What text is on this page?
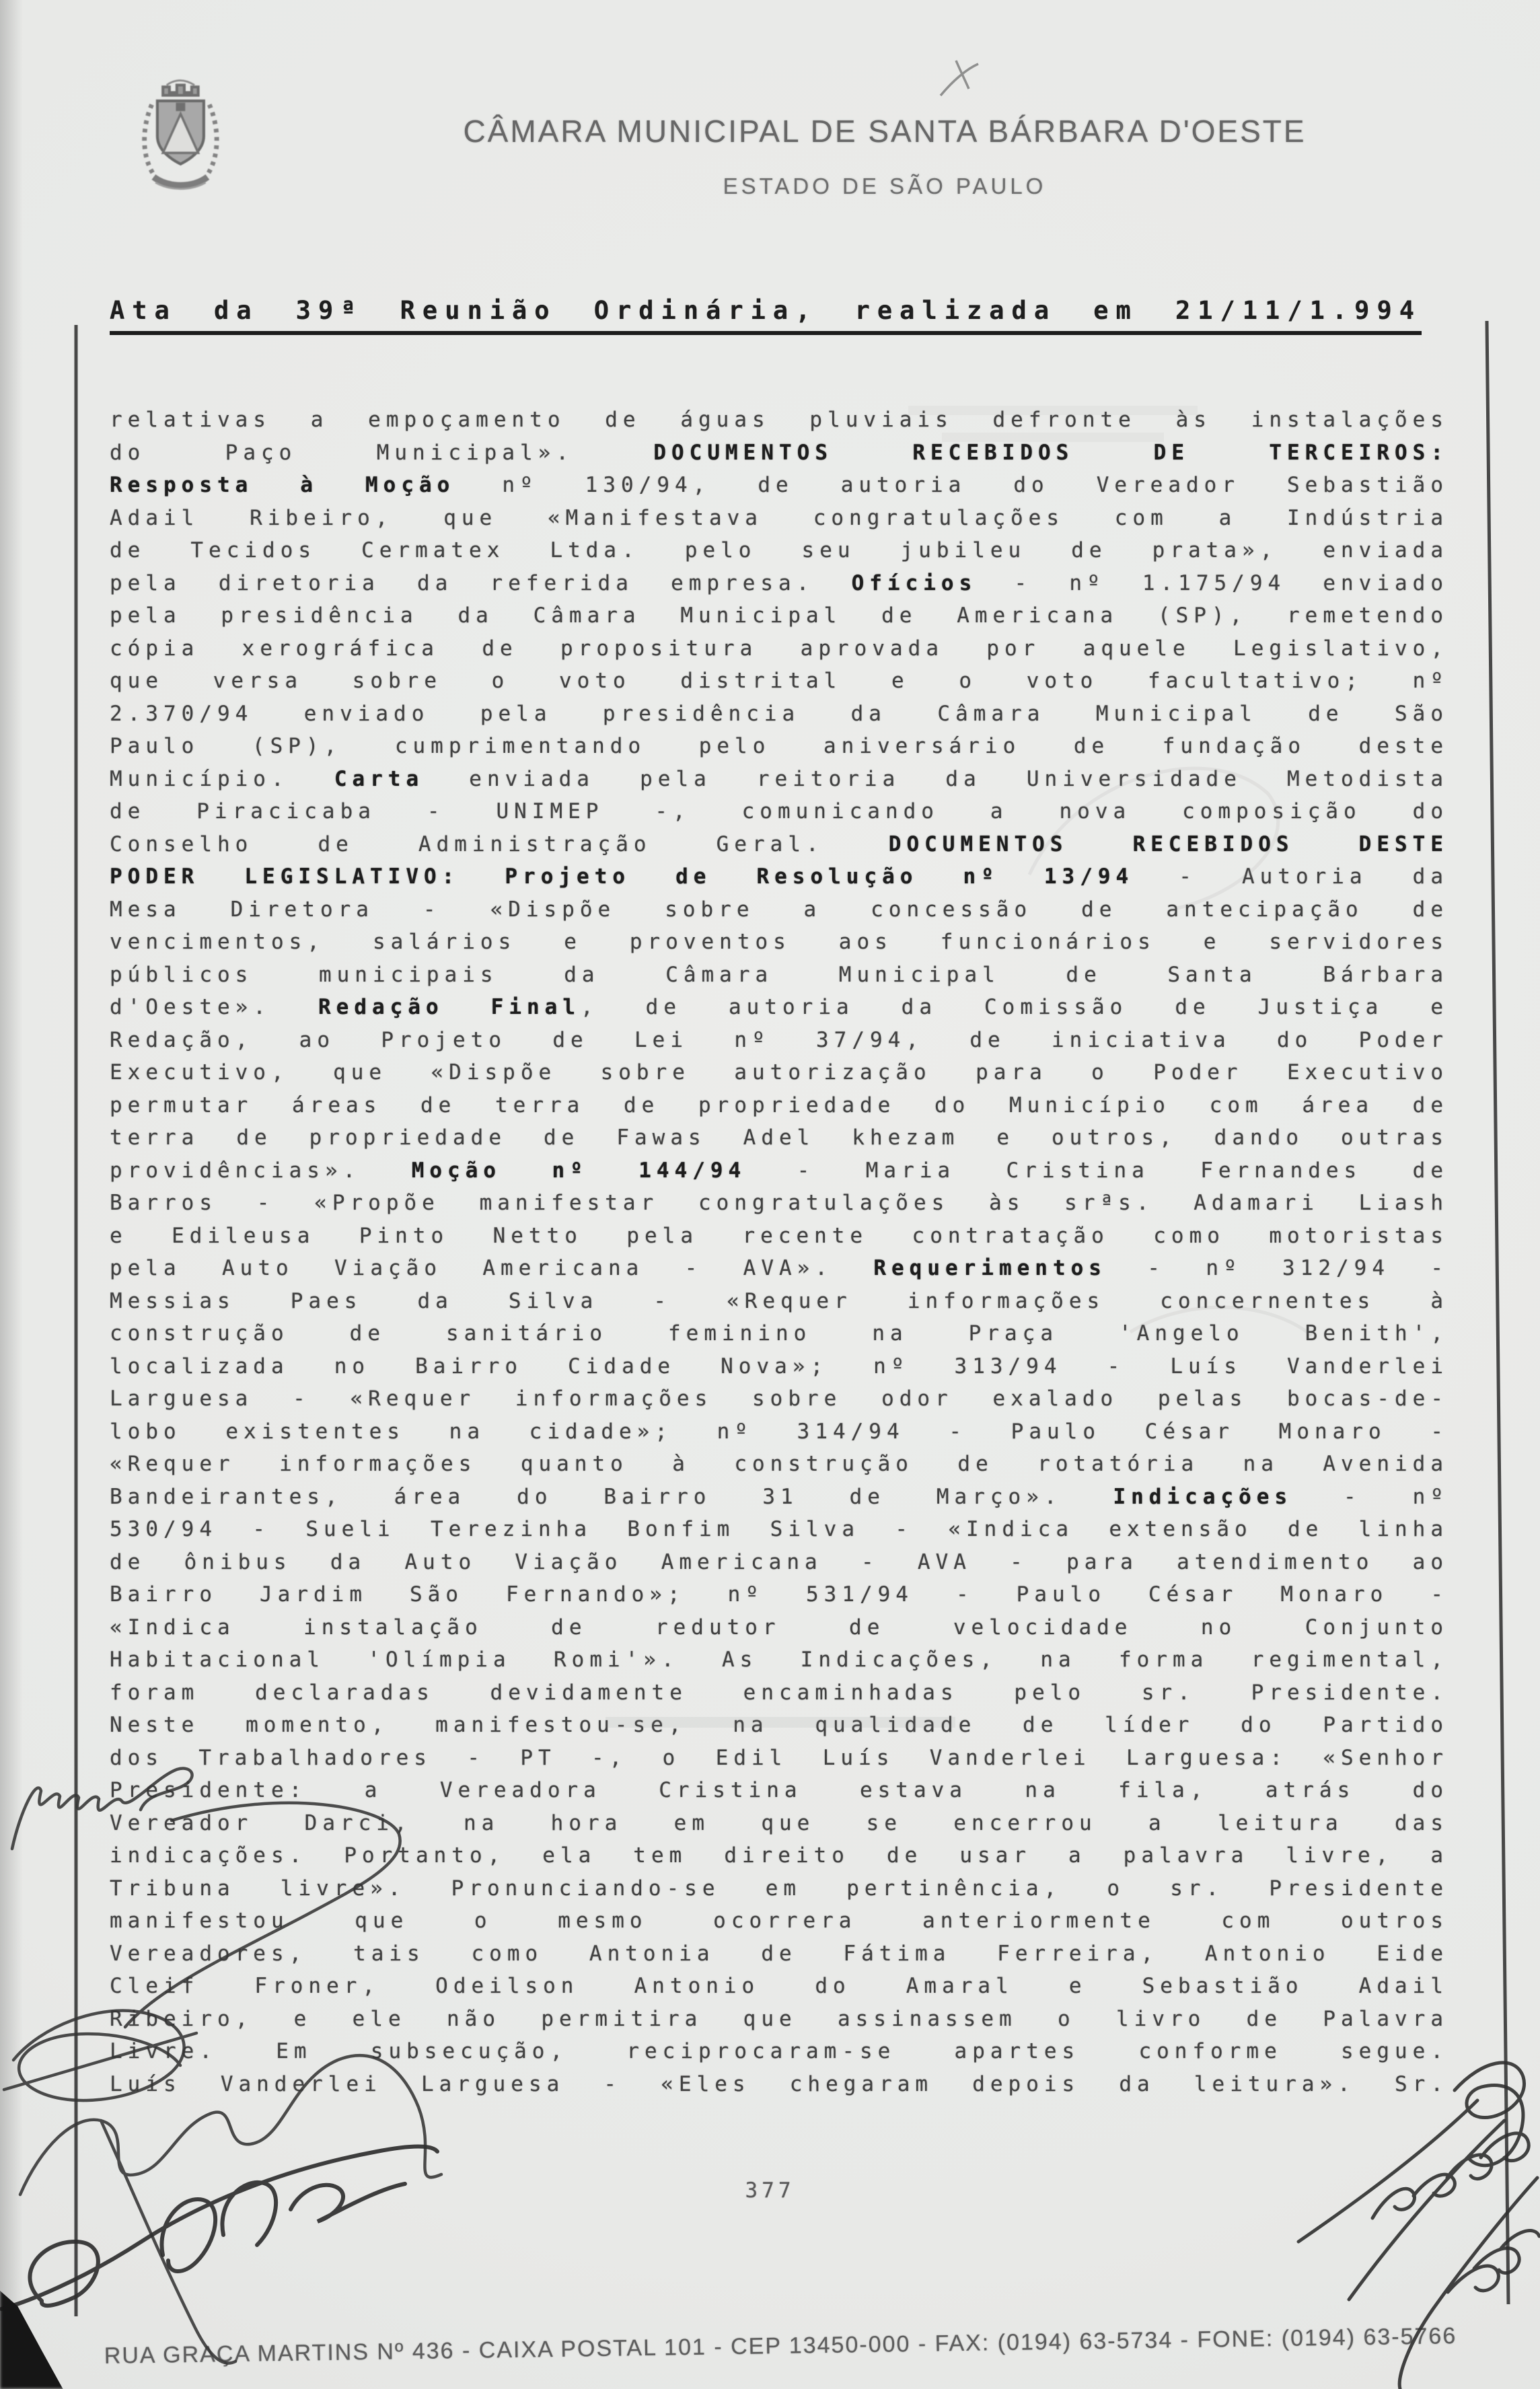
CÂMARA MUNICIPAL DE SANTA BÁRBARA D'OESTE
ESTADO DE SÃO PAULO
Ata da 39ª Reunião Ordinária, realizada em 21/11/1.994
relativas a empoçamento de águas pluviais defronte às instalações
do Paço Municipal». DOCUMENTOS RECEBIDOS DE TERCEIROS:
Resposta à Moção nº 130/94, de autoria do Vereador Sebastião
Adail Ribeiro, que «Manifestava congratulações com a Indústria
de Tecidos Cermatex Ltda. pelo seu jubileu de prata», enviada
pela diretoria da referida empresa. Ofícios - nº 1.175/94 enviado
pela presidência da Câmara Municipal de Americana (SP), remetendo
cópia xerográfica de propositura aprovada por aquele Legislativo,
que versa sobre o voto distrital e o voto facultativo; nº
2.370/94 enviado pela presidência da Câmara Municipal de São
Paulo (SP), cumprimentando pelo aniversário de fundação deste
Município. Carta enviada pela reitoria da Universidade Metodista
de Piracicaba - UNIMEP -, comunicando a nova composição do
Conselho de Administração Geral. DOCUMENTOS RECEBIDOS DESTE
PODER LEGISLATIVO: Projeto de Resolução nº 13/94 - Autoria da
Mesa Diretora - «Dispõe sobre a concessão de antecipação de
vencimentos, salários e proventos aos funcionários e servidores
públicos municipais da Câmara Municipal de Santa Bárbara
d'Oeste». Redação Final, de autoria da Comissão de Justiça e
Redação, ao Projeto de Lei nº 37/94, de iniciativa do Poder
Executivo, que «Dispõe sobre autorização para o Poder Executivo
permutar áreas de terra de propriedade do Município com área de
terra de propriedade de Fawas Adel khezam e outros, dando outras
providências». Moção nº 144/94 - Maria Cristina Fernandes de
Barros - «Propõe manifestar congratulações às srªs. Adamari Liash
e Edileusa Pinto Netto pela recente contratação como motoristas
pela Auto Viação Americana - AVA». Requerimentos - nº 312/94 -
Messias Paes da Silva - «Requer informações concernentes à
construção de sanitário feminino na Praça 'Angelo Benith',
localizada no Bairro Cidade Nova»; nº 313/94 - Luís Vanderlei
Larguesa - «Requer informações sobre odor exalado pelas bocas-de-
lobo existentes na cidade»; nº 314/94 - Paulo César Monaro -
«Requer informações quanto à construção de rotatória na Avenida
Bandeirantes, área do Bairro 31 de Março». Indicações - nº
530/94 - Sueli Terezinha Bonfim Silva - «Indica extensão de linha
de ônibus da Auto Viação Americana - AVA - para atendimento ao
Bairro Jardim São Fernando»; nº 531/94 - Paulo César Monaro -
«Indica instalação de redutor de velocidade no Conjunto
Habitacional 'Olímpia Romi'». As Indicações, na forma regimental,
foram declaradas devidamente encaminhadas pelo sr. Presidente.
Neste momento, manifestou-se, na qualidade de líder do Partido
dos Trabalhadores - PT -, o Edil Luís Vanderlei Larguesa: «Senhor
Presidente: a Vereadora Cristina estava na fila, atrás do
Vereador Darci, na hora em que se encerrou a leitura das
indicações. Portanto, ela tem direito de usar a palavra livre, a
Tribuna livre». Pronunciando-se em pertinência, o sr. Presidente
manifestou que o mesmo ocorrera anteriormente com outros
Vereadores, tais como Antonia de Fátima Ferreira, Antonio Eide
Cleif Froner, Odeilson Antonio do Amaral e Sebastião Adail
Ribeiro, e ele não permitira que assinassem o livro de Palavra
Livre. Em subsecução, reciprocaram-se apartes conforme segue.
Luís Vanderlei Larguesa - «Eles chegaram depois da leitura». Sr.
377
RUA GRAÇA MARTINS Nº 436 - CAIXA POSTAL 101 - CEP 13450-000 - FAX: (0194) 63-5734 - FONE: (0194) 63-5766
